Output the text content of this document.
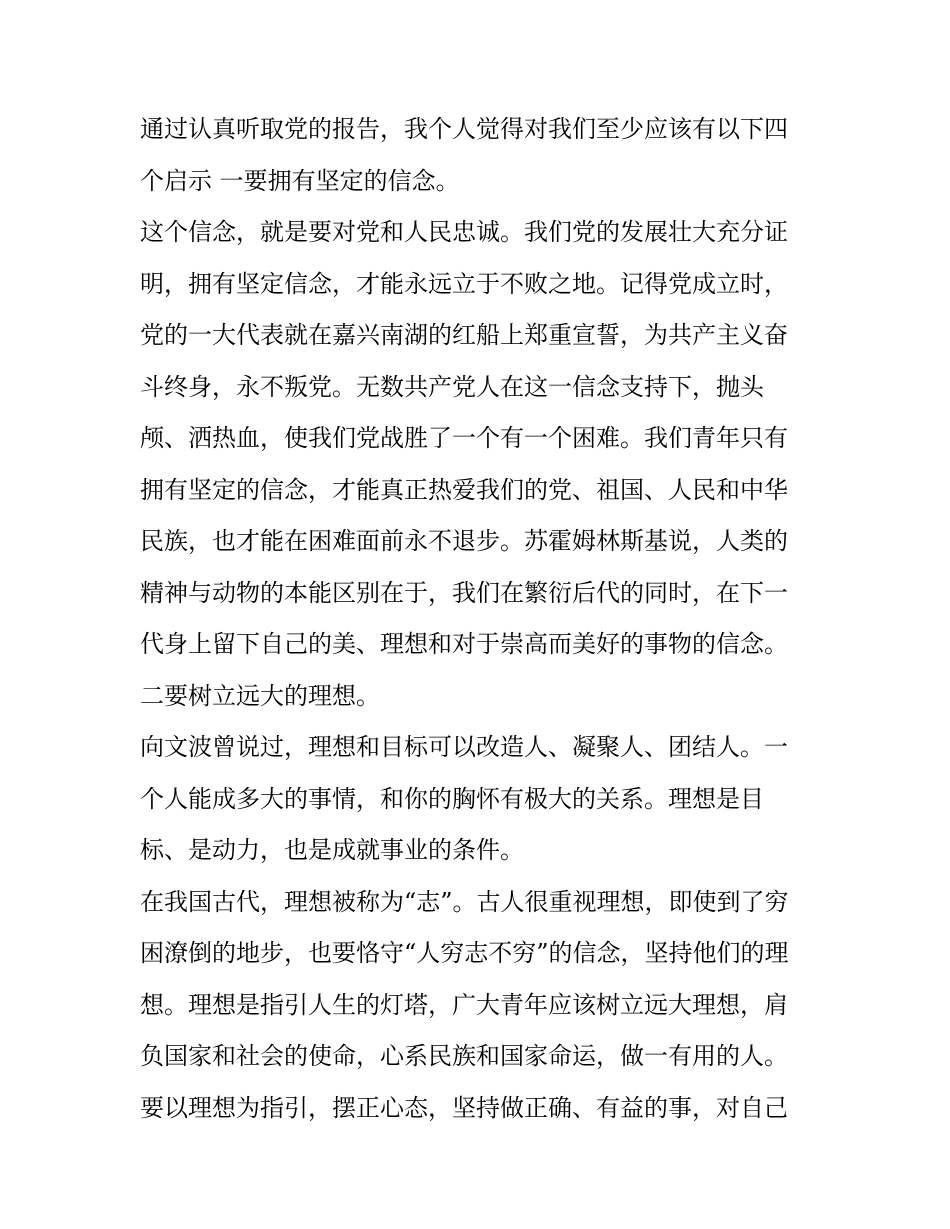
通过认真听取党的报告，我个人觉得对我们至少应该有以下四
个启示 一要拥有坚定的信念。
这个信念，就是要对党和人民忠诚。我们党的发展壮大充分证
明，拥有坚定信念，才能永远立于不败之地。记得党成立时，
党的一大代表就在嘉兴南湖的红船上郑重宣誓，为共产主义奋
斗终身，永不叛党。无数共产党人在这一信念支持下，抛头
颅、洒热血，使我们党战胜了一个有一个困难。我们青年只有
拥有坚定的信念，才能真正热爱我们的党、祖国、人民和中华
民族，也才能在困难面前永不退步。苏霍姆林斯基说，人类的
精神与动物的本能区别在于，我们在繁衍后代的同时，在下一
代身上留下自己的美、理想和对于崇高而美好的事物的信念。
二要树立远大的理想。
向文波曾说过，理想和目标可以改造人、凝聚人、团结人。一
个人能成多大的事情，和你的胸怀有极大的关系。理想是目
标、是动力，也是成就事业的条件。
在我国古代，理想被称为“志”。古人很重视理想，即使到了穷
困潦倒的地步，也要恪守“人穷志不穷”的信念，坚持他们的理
想。理想是指引人生的灯塔，广大青年应该树立远大理想，肩
负国家和社会的使命，心系民族和国家命运，做一有用的人。
要以理想为指引，摆正心态，坚持做正确、有益的事，对自己
